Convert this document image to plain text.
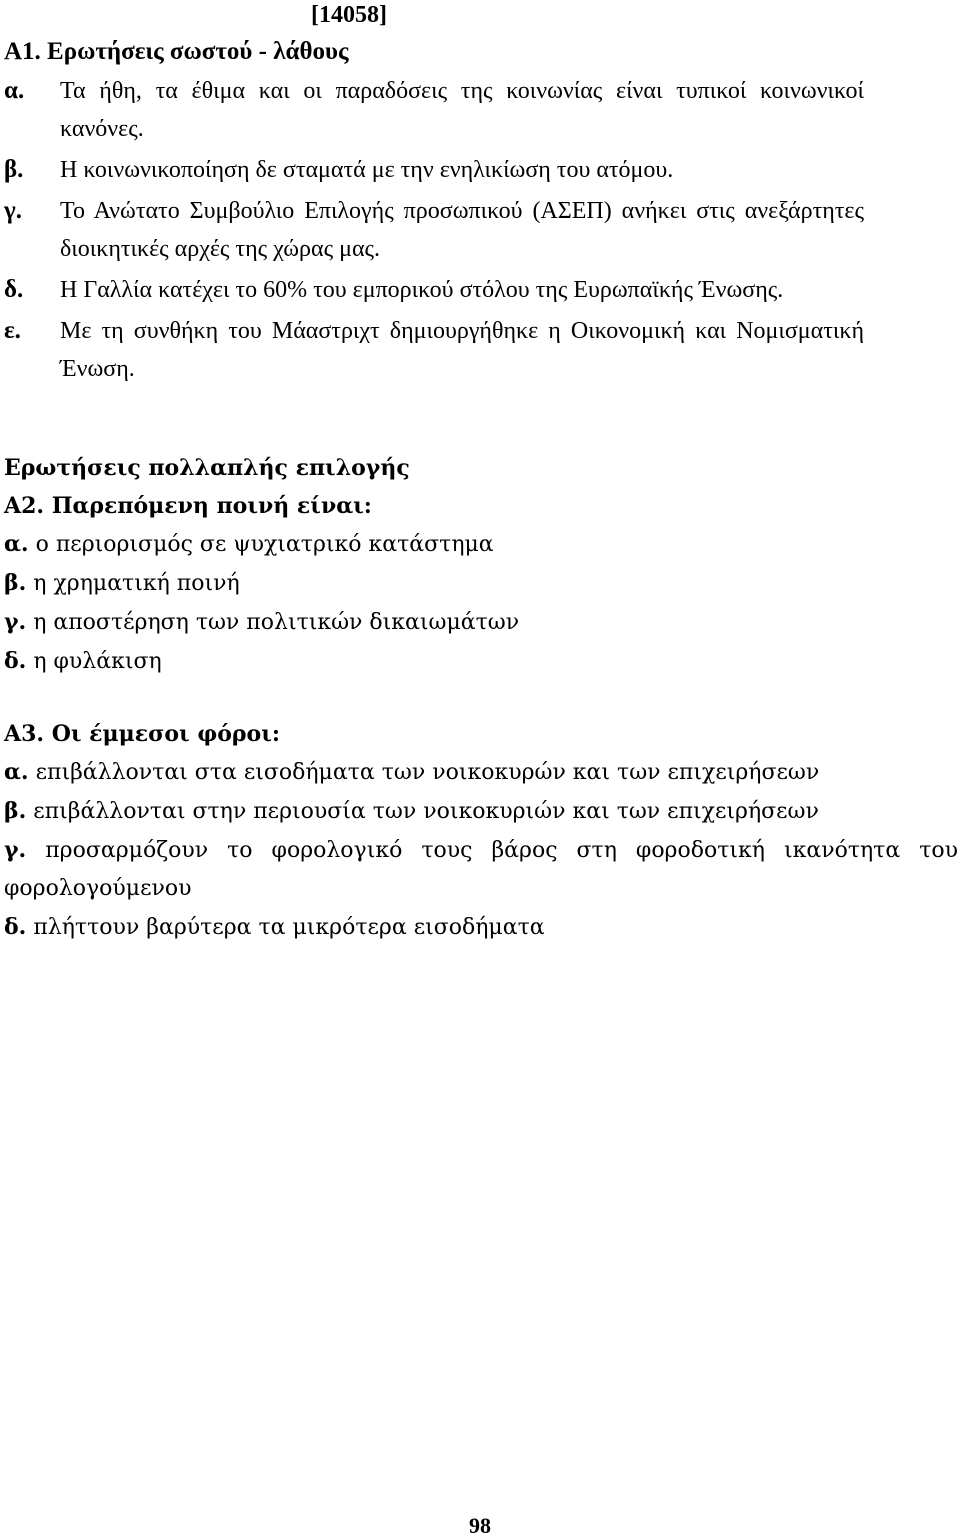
[14058]
Α1. Ερωτήσεις σωστού - λάθους
α.	Τα ήθη, τα έθιμα και οι παραδόσεις της κοινωνίας είναι τυπικοί κοινωνικοί κανόνες.
β.	Η κοινωνικοποίηση δε σταματά με την ενηλικίωση του ατόμου.
γ.	Το Ανώτατο Συμβούλιο Επιλογής προσωπικού (ΑΣΕΠ) ανήκει στις ανεξάρτητες διοικητικές αρχές της χώρας μας.
δ.	Η Γαλλία κατέχει το 60% του εμπορικού στόλου της Ευρωπαϊκής Ένωσης.
ε.	Με τη συνθήκη του Μάαστριχτ δημιουργήθηκε η Οικονομική και Νομισματική Ένωση.
Ερωτήσεις πολλαπλής επιλογής
Α2. Παρεπόμενη ποινή είναι:
α. ο περιορισμός σε ψυχιατρικό κατάστημα
β. η χρηματική ποινή
γ. η αποστέρηση των πολιτικών δικαιωμάτων
δ. η φυλάκιση
Α3. Οι έμμεσοι φόροι:
α. επιβάλλονται στα εισοδήματα των νοικοκυρών και των επιχειρήσεων
β. επιβάλλονται στην περιουσία των νοικοκυριών και των επιχειρήσεων
γ. προσαρμόζουν το φορολογικό τους βάρος στη φοροδοτική ικανότητα του φορολογούμενου
δ. πλήττουν βαρύτερα τα μικρότερα εισοδήματα
98
